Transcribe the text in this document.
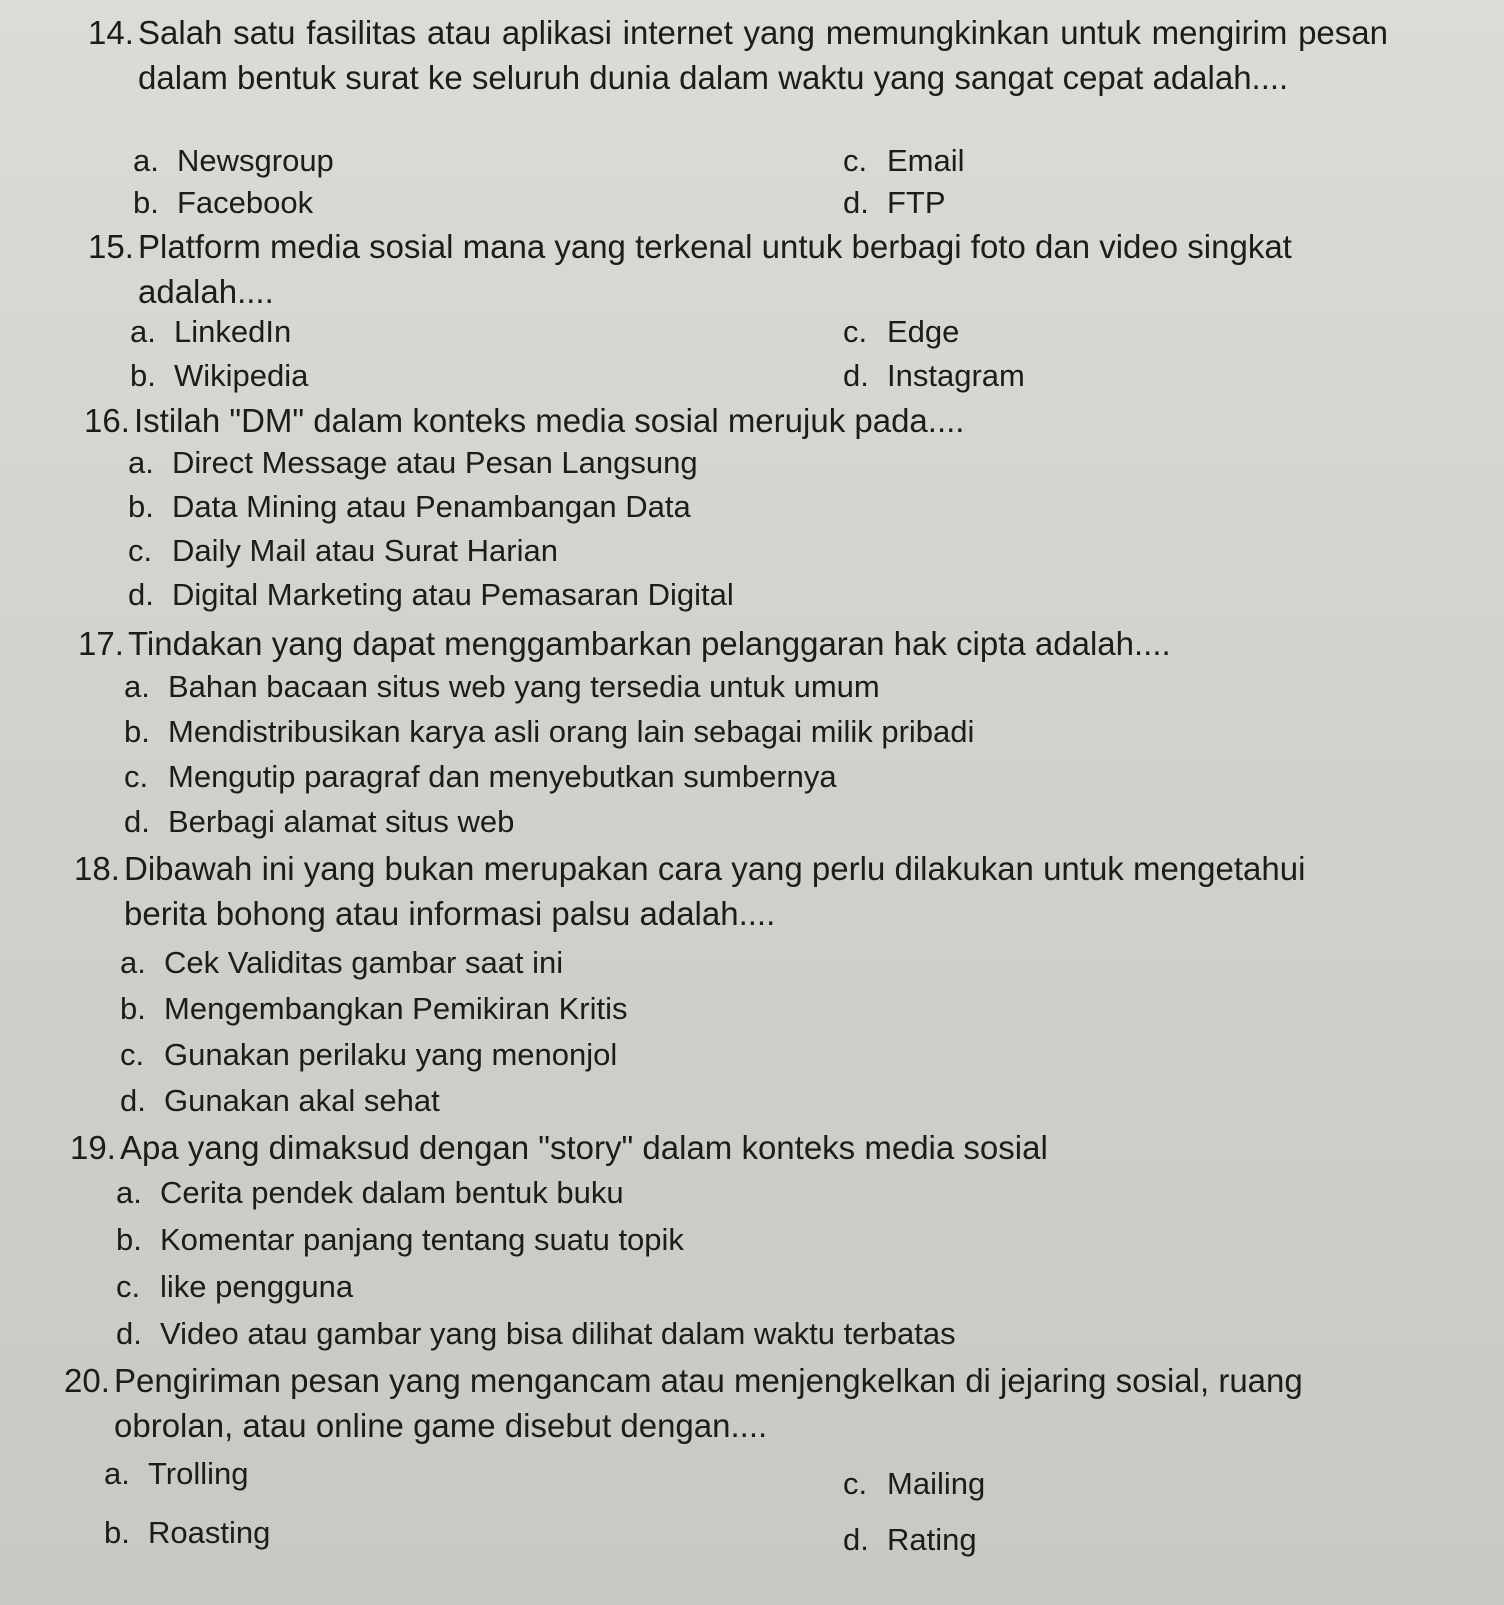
14. Salah satu fasilitas atau aplikasi internet yang memungkinkan untuk mengirim pesan dalam bentuk surat ke seluruh dunia dalam waktu yang sangat cepat adalah....
a. Newsgroup
b. Facebook
c. Email
d. FTP
15. Platform media sosial mana yang terkenal untuk berbagi foto dan video singkat adalah....
a. LinkedIn
b. Wikipedia
c. Edge
d. Instagram
16. Istilah "DM" dalam konteks media sosial merujuk pada....
a. Direct Message atau Pesan Langsung
b. Data Mining atau Penambangan Data
c. Daily Mail atau Surat Harian
d. Digital Marketing atau Pemasaran Digital
17. Tindakan yang dapat menggambarkan pelanggaran hak cipta adalah....
a. Bahan bacaan situs web yang tersedia untuk umum
b. Mendistribusikan karya asli orang lain sebagai milik pribadi
c. Mengutip paragraf dan menyebutkan sumbernya
d. Berbagi alamat situs web
18. Dibawah ini yang bukan merupakan cara yang perlu dilakukan untuk mengetahui berita bohong atau informasi palsu adalah....
a. Cek Validitas gambar saat ini
b. Mengembangkan Pemikiran Kritis
c. Gunakan perilaku yang menonjol
d. Gunakan akal sehat
19. Apa yang dimaksud dengan "story" dalam konteks media sosial
a. Cerita pendek dalam bentuk buku
b. Komentar panjang tentang suatu topik
c. like pengguna
d. Video atau gambar yang bisa dilihat dalam waktu terbatas
20. Pengiriman pesan yang mengancam atau menjengkelkan di jejaring sosial, ruang obrolan, atau online game disebut dengan....
a. Trolling
b. Roasting
c. Mailing
d. Rating
